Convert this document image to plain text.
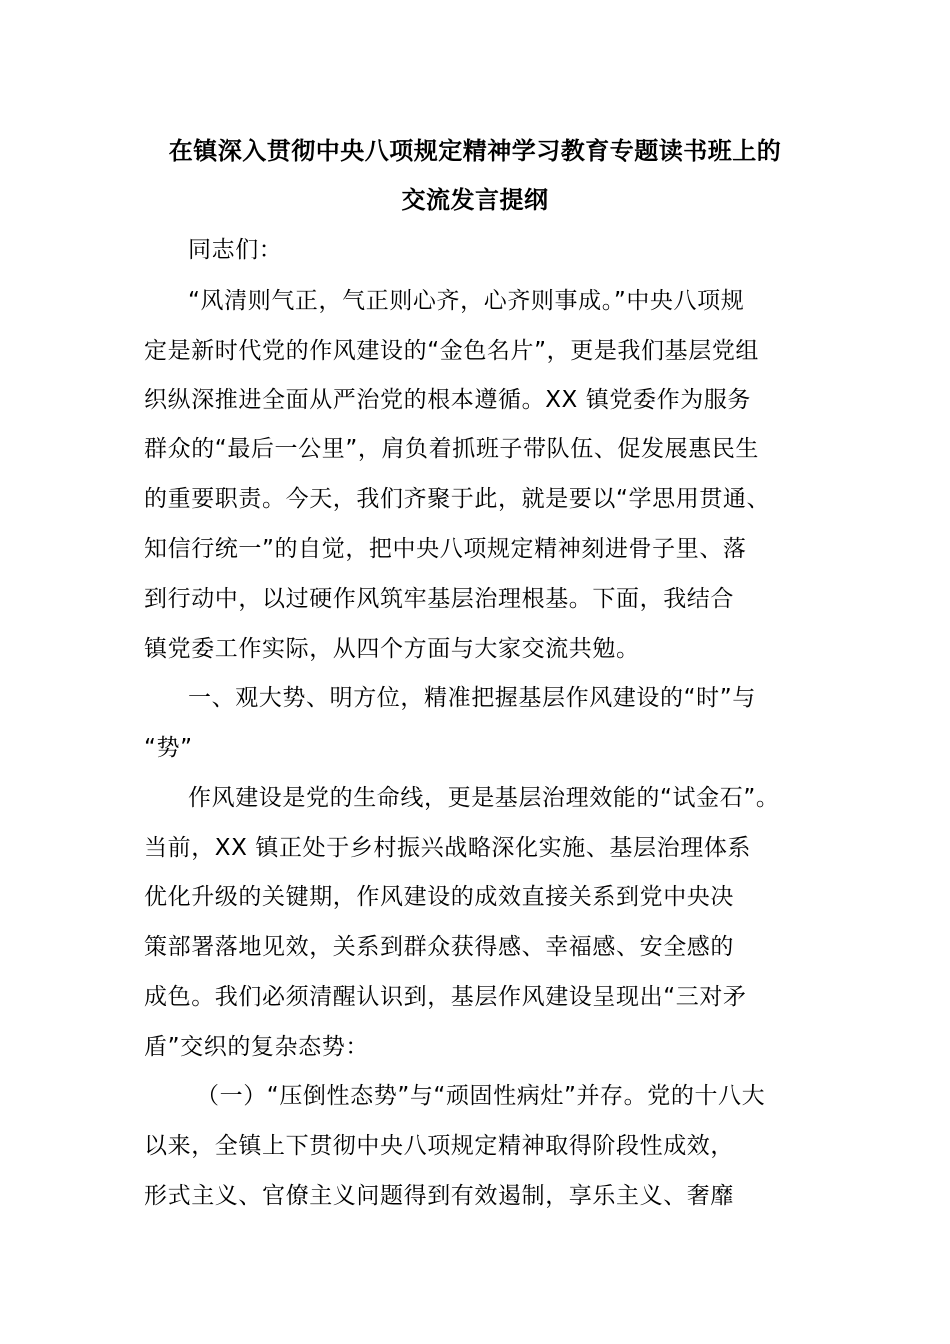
在镇深入贯彻中央八项规定精神学习教育专题读书班上的
交流发言提纲
同志们：
“风清则气正，气正则心齐，心齐则事成。”中央八项规
定是新时代党的作风建设的“金色名片”，更是我们基层党组
织纵深推进全面从严治党的根本遵循。XX 镇党委作为服务
群众的“最后一公里”，肩负着抓班子带队伍、促发展惠民生
的重要职责。今天，我们齐聚于此，就是要以“学思用贯通、
知信行统一”的自觉，把中央八项规定精神刻进骨子里、落
到行动中，以过硬作风筑牢基层治理根基。下面，我结合
镇党委工作实际，从四个方面与大家交流共勉。
一、观大势、明方位，精准把握基层作风建设的“时”与
“势”
作风建设是党的生命线，更是基层治理效能的“试金石”。
当前，XX 镇正处于乡村振兴战略深化实施、基层治理体系
优化升级的关键期，作风建设的成效直接关系到党中央决
策部署落地见效，关系到群众获得感、幸福感、安全感的
成色。我们必须清醒认识到，基层作风建设呈现出“三对矛
盾”交织的复杂态势：
（一）“压倒性态势”与“顽固性病灶”并存。党的十八大
以来，全镇上下贯彻中央八项规定精神取得阶段性成效，
形式主义、官僚主义问题得到有效遏制，享乐主义、奢靡
